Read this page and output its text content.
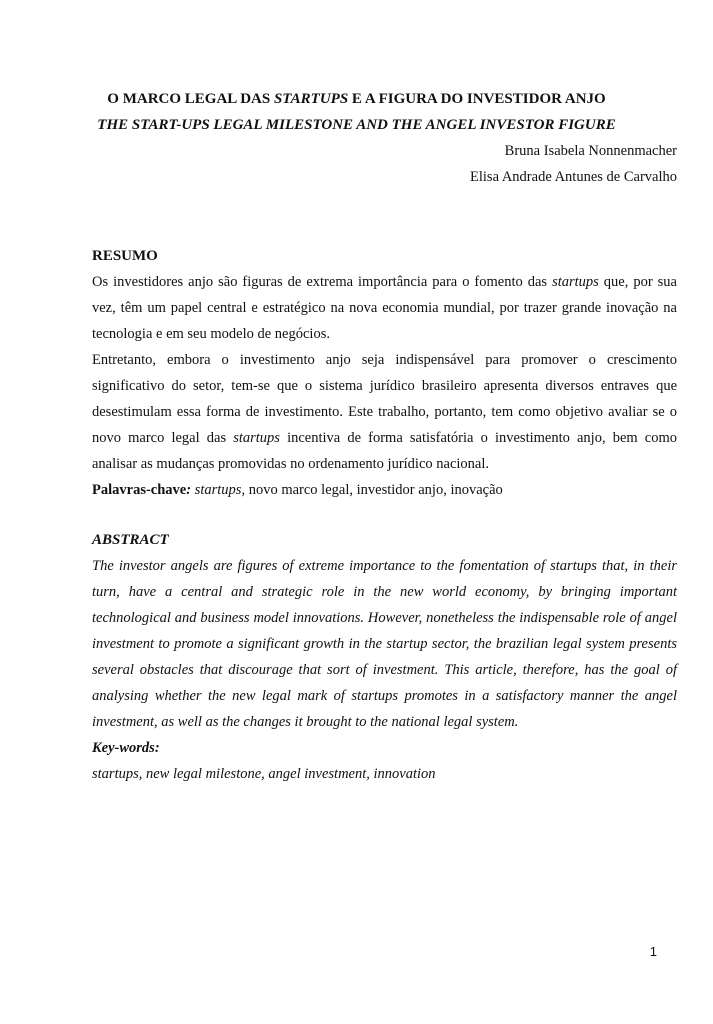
O MARCO LEGAL DAS STARTUPS E A FIGURA DO INVESTIDOR ANJO
THE START-UPS LEGAL MILESTONE AND THE ANGEL INVESTOR FIGURE
Bruna Isabela Nonnenmacher
Elisa Andrade Antunes de Carvalho
RESUMO

Os investidores anjo são figuras de extrema importância para o fomento das startups que, por sua vez, têm um papel central e estratégico na nova economia mundial, por trazer grande inovação na tecnologia e em seu modelo de negócios.

Entretanto, embora o investimento anjo seja indispensável para promover o crescimento significativo do setor, tem-se que o sistema jurídico brasileiro apresenta diversos entraves que desestimulam essa forma de investimento. Este trabalho, portanto, tem como objetivo avaliar se o novo marco legal das startups incentiva de forma satisfatória o investimento anjo, bem como analisar as mudanças promovidas no ordenamento jurídico nacional.

Palavras-chave: startups, novo marco legal, investidor anjo, inovação
ABSTRACT

The investor angels are figures of extreme importance to the fomentation of startups that, in their turn, have a central and strategic role in the new world economy, by bringing important technological and business model innovations. However, nonetheless the indispensable role of angel investment to promote a significant growth in the startup sector, the brazilian legal system presents several obstacles that discourage that sort of investment. This article, therefore, has the goal of analysing whether the new legal mark of startups promotes in a satisfactory manner the angel investment, as well as the changes it brought to the national legal system.

Key-words:
startups, new legal milestone, angel investment, innovation
1
